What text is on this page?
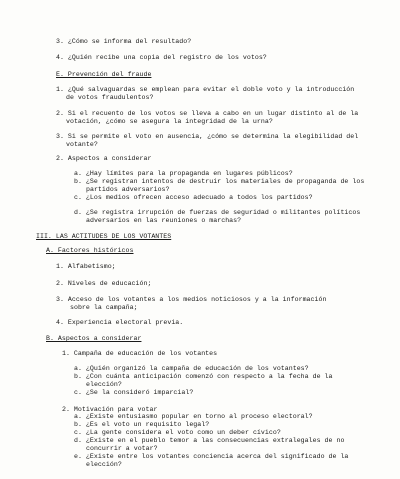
3. ¿Cómo se informa del resultado?
4. ¿Quién recibe una copia del registro de los votos?
E. Prevención del fraude
1. ¿Qué salvaguardas se emplean para evitar el doble voto y la introducción
de votos fraudulentos?
2. Si el recuento de los votos se lleva a cabo en un lugar distinto al de la
votación, ¿cómo se asegura la integridad de la urna?
3. Si se permite el voto en ausencia, ¿cómo se determina la elegibilidad del
votante?
2. Aspectos a considerar
a. ¿Hay límites para la propaganda en lugares públicos?
b. ¿Se registran intentos de destruir los materiales de propaganda de los
partidos adversarios?
c. ¿Los medios ofrecen acceso adecuado a todos los partidos?
d. ¿Se registra irrupción de fuerzas de seguridad o militantes políticos
adversarios en las reuniones o marchas?
III. LAS ACTITUDES DE LOS VOTANTES
A. Factores históricos
1. Alfabetismo;
2. Niveles de educación;
3. Acceso de los votantes a los medios noticiosos y a la información
sobre la campaña;
4. Experiencia electoral previa.
B. Aspectos a considerar
1. Campaña de educación de los votantes
a. ¿Quién organizó la campaña de educación de los votantes?
b. ¿Con cuánta anticipación comenzó con respecto a la fecha de la
elección?
c. ¿Se la consideró imparcial?
2. Motivación para votar
a. ¿Existe entusiasmo popular en torno al proceso electoral?
b. ¿Es el voto un requisito legal?
c. ¿La gente considera el voto como un deber cívico?
d. ¿Existe en el pueblo temor a las consecuencias extralegales de no
concurrir a votar?
e. ¿Existe entre los votantes conciencia acerca del significado de la
elección?
